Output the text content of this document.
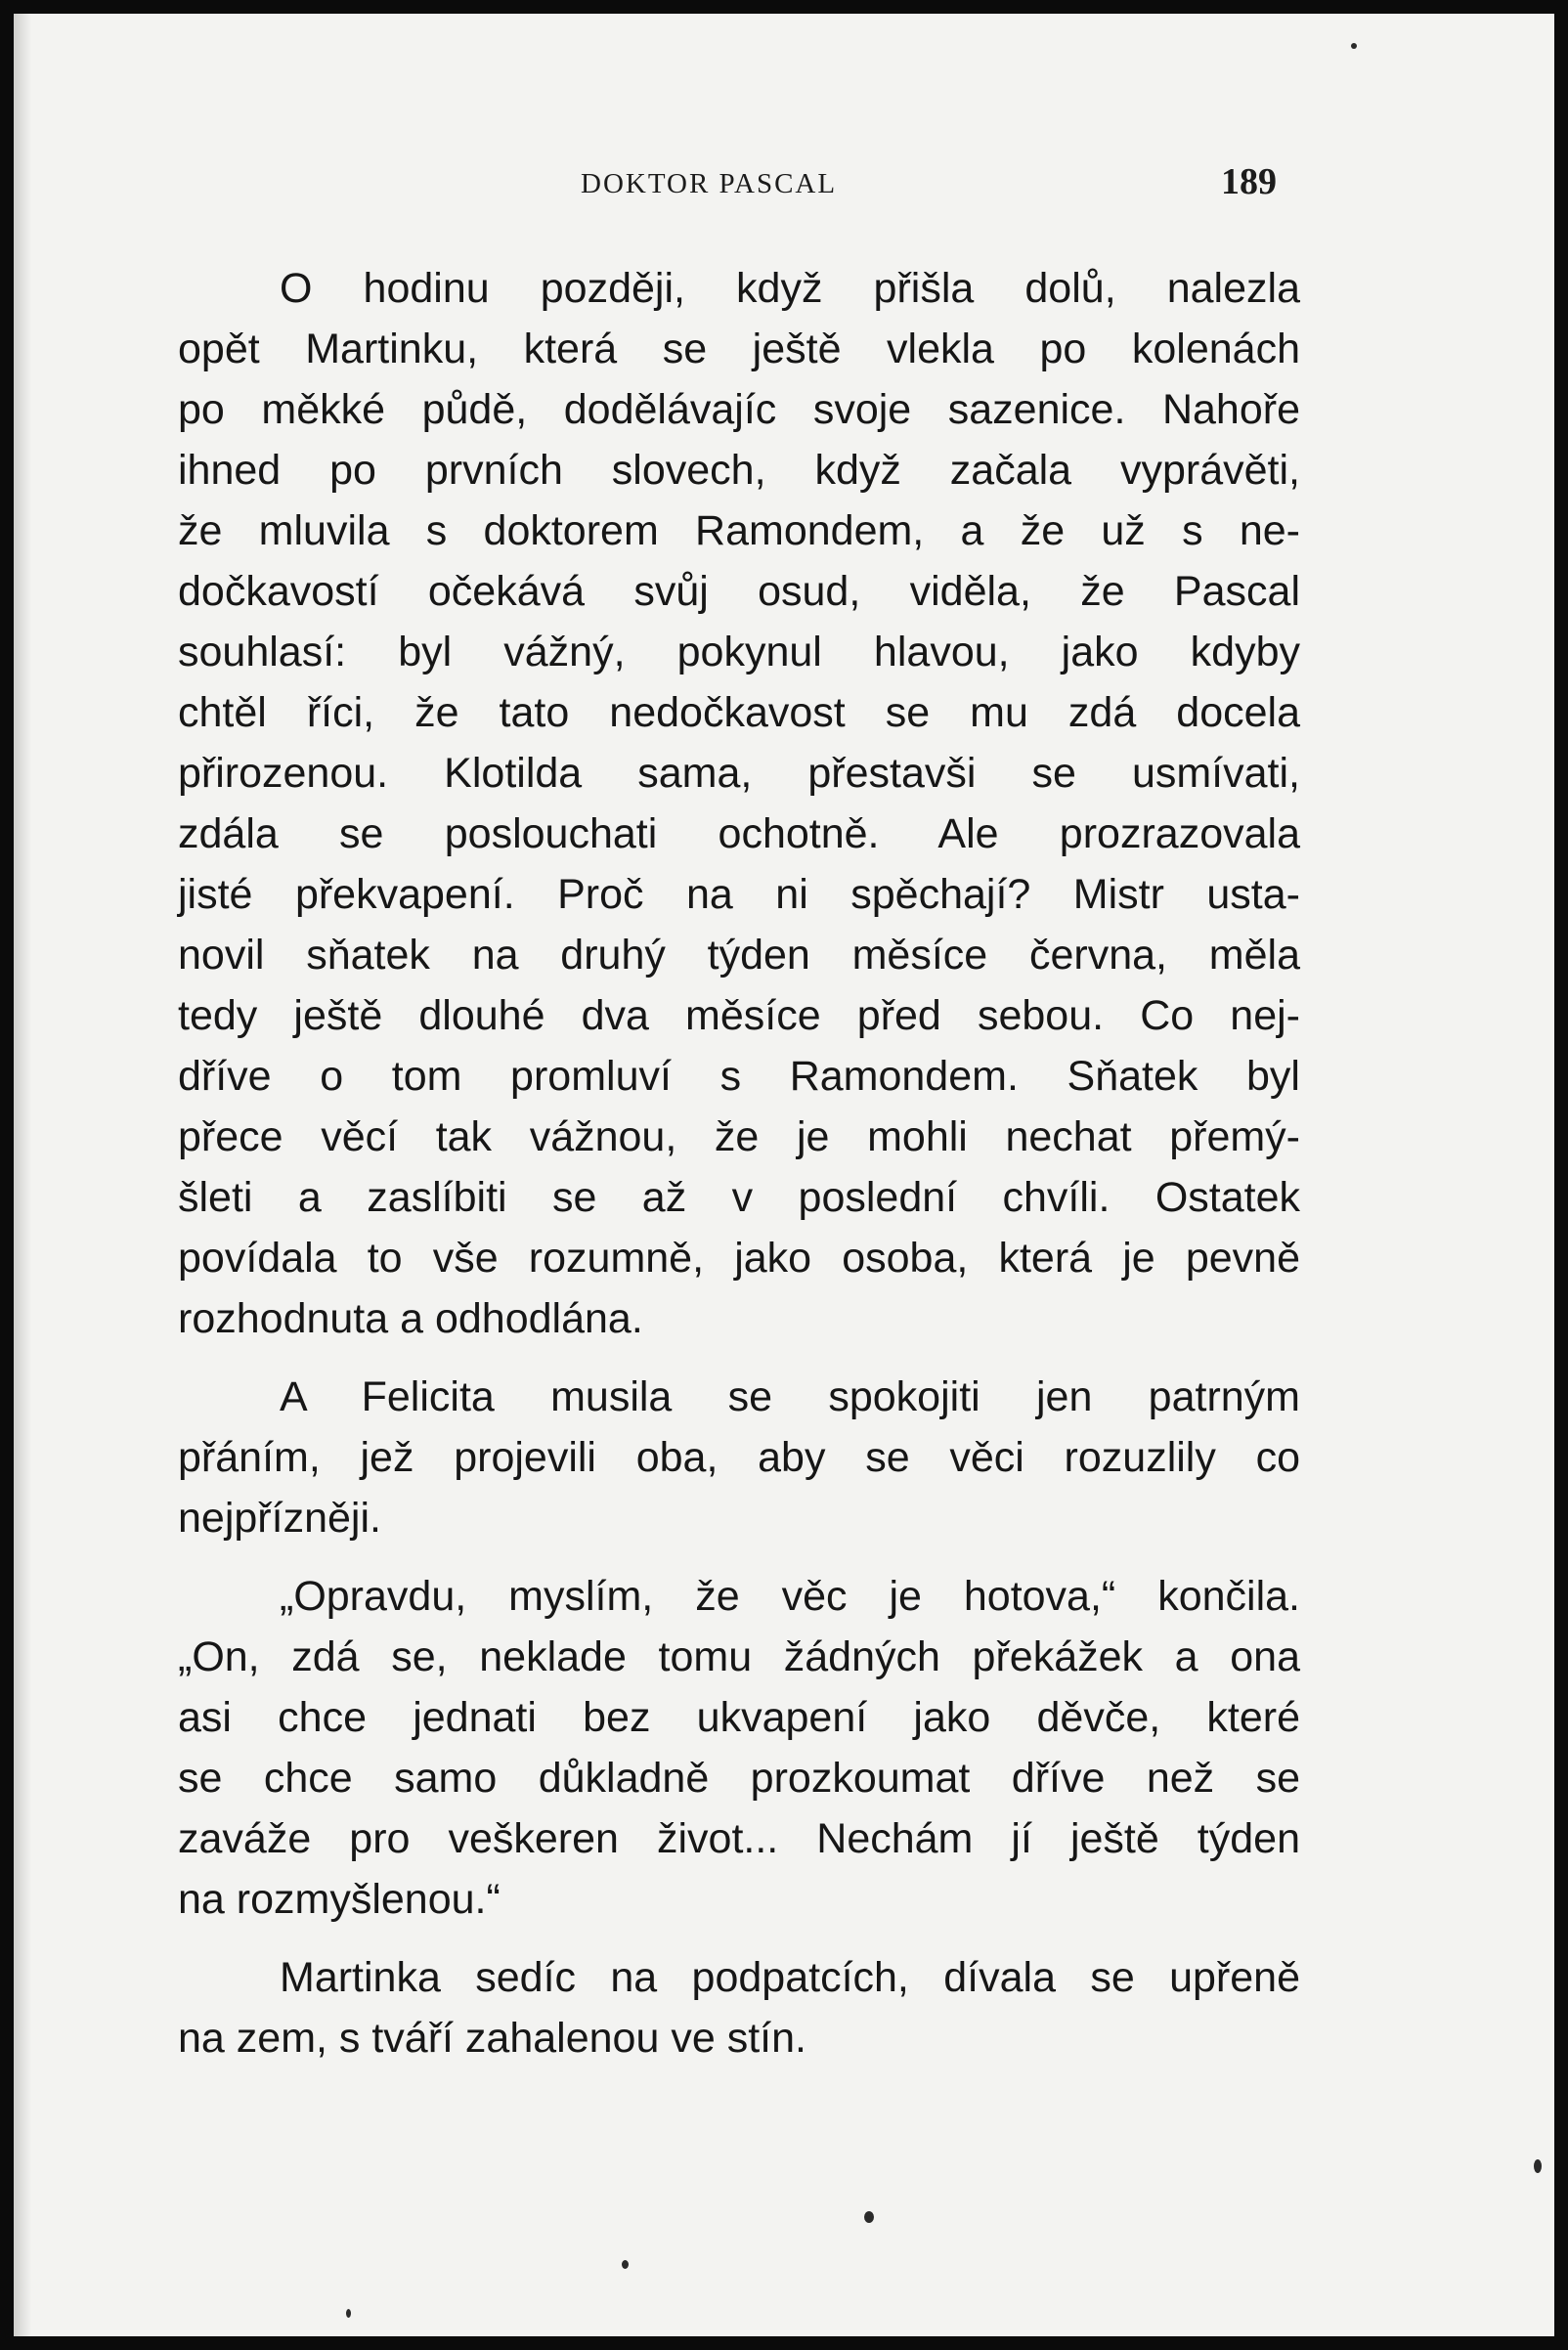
DOKTOR PASCAL	189
O hodinu později, když přišla dolů, nalezla
opět Martinku, která se ještě vlekla po kolenách
po měkké půdě, dodělávajíc svoje sazenice. Nahoře
ihned po prvních slovech, když začala vyprávěti,
že mluvila s doktorem Ramondem, a že už s ne-
dočkavostí očekává svůj osud, viděla, že Pascal
souhlasí: byl vážný, pokynul hlavou, jako kdyby
chtěl říci, že tato nedočkavost se mu zdá docela
přirozenou. Klotilda sama, přestavši se usmívati,
zdála se poslouchati ochotně. Ale prozrazovala
jisté překvapení. Proč na ni spěchají? Mistr usta-
novil sňatek na druhý týden měsíce června, měla
tedy ještě dlouhé dva měsíce před sebou. Co nej-
dříve o tom promluví s Ramondem. Sňatek byl
přece věcí tak vážnou, že je mohli nechat přemý-
šleti a zaslíbiti se až v poslední chvíli. Ostatek
povídala to vše rozumně, jako osoba, která je pevně
rozhodnuta a odhodlána.
A Felicita musila se spokojiti jen patrným
přáním, jež projevili oba, aby se věci rozuzlily co
nejpřízněji.
„Opravdu, myslím, že věc je hotova,“ končila.
„On, zdá se, neklade tomu žádných překážek a ona
asi chce jednati bez ukvapení jako děvče, které
se chce samo důkladně prozkoumat dříve než se
zaváže pro veškeren život... Nechám jí ještě týden
na rozmyšlenou.“
Martinka sedíc na podpatcích, dívala se upřeně
na zem, s tváří zahalenou ve stín.
